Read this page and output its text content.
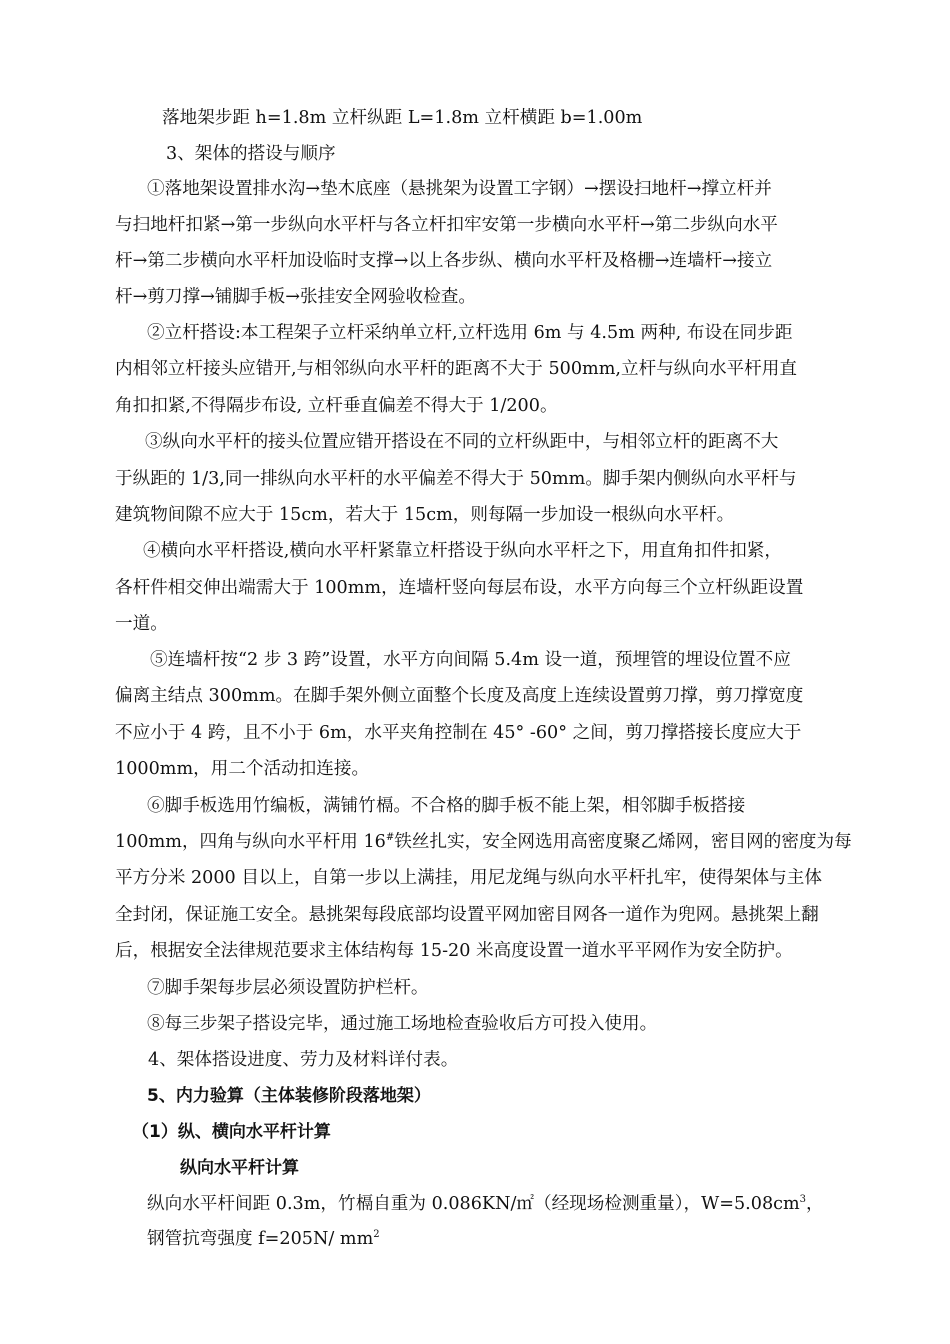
落地架步距 h=1.8m 立杆纵距 L=1.8m 立杆横距 b=1.00m
3、架体的搭设与顺序
①落地架设置排水沟→垫木底座（悬挑架为设置工字钢）→摆设扫地杆→撑立杆并
与扫地杆扣紧→第一步纵向水平杆与各立杆扣牢安第一步横向水平杆→第二步纵向水平
杆→第二步横向水平杆加设临时支撑→以上各步纵、横向水平杆及格栅→连墙杆→接立
杆→剪刀撑→铺脚手板→张挂安全网验收检查。
②立杆搭设:本工程架子立杆采纳单立杆,立杆选用 6m 与 4.5m 两种, 布设在同步距
内相邻立杆接头应错开,与相邻纵向水平杆的距离不大于 500mm,立杆与纵向水平杆用直
角扣扣紧,不得隔步布设, 立杆垂直偏差不得大于 1/200。
③纵向水平杆的接头位置应错开搭设在不同的立杆纵距中，与相邻立杆的距离不大
于纵距的 1/3,同一排纵向水平杆的水平偏差不得大于 50mm。脚手架内侧纵向水平杆与
建筑物间隙不应大于 15cm，若大于 15cm，则每隔一步加设一根纵向水平杆。
④横向水平杆搭设,横向水平杆紧靠立杆搭设于纵向水平杆之下，用直角扣件扣紧，
各杆件相交伸出端需大于 100mm，连墙杆竖向每层布设，水平方向每三个立杆纵距设置
一道。
⑤连墙杆按“2 步 3 跨”设置，水平方向间隔 5.4m 设一道，预埋管的埋设位置不应
偏离主结点 300mm。在脚手架外侧立面整个长度及高度上连续设置剪刀撑，剪刀撑宽度
不应小于 4 跨，且不小于 6m，水平夹角控制在 45° -60° 之间，剪刀撑搭接长度应大于
1000mm，用二个活动扣连接。
⑥脚手板选用竹编板，满铺竹槅。不合格的脚手板不能上架，相邻脚手板搭接
100mm，四角与纵向水平杆用 16#铁丝扎实，安全网选用高密度聚乙烯网，密目网的密度为每
平方分米 2000 目以上，自第一步以上满挂，用尼龙绳与纵向水平杆扎牢，使得架体与主体
全封闭，保证施工安全。悬挑架每段底部均设置平网加密目网各一道作为兜网。悬挑架上翻
后，根据安全法律规范要求主体结构每 15-20 米高度设置一道水平平网作为安全防护。
⑦脚手架每步层必须设置防护栏杆。
⑧每三步架子搭设完毕，通过施工场地检查验收后方可投入使用。
4、架体搭设进度、劳力及材料详付表。
5、内力验算（主体装修阶段落地架）
（1）纵、横向水平杆计算
纵向水平杆计算
纵向水平杆间距 0.3m，竹槅自重为 0.086KN/㎡（经现场检测重量），$W=5.08cm^3$，
钢管抗弯强度 f=205N/ $mm^2$
